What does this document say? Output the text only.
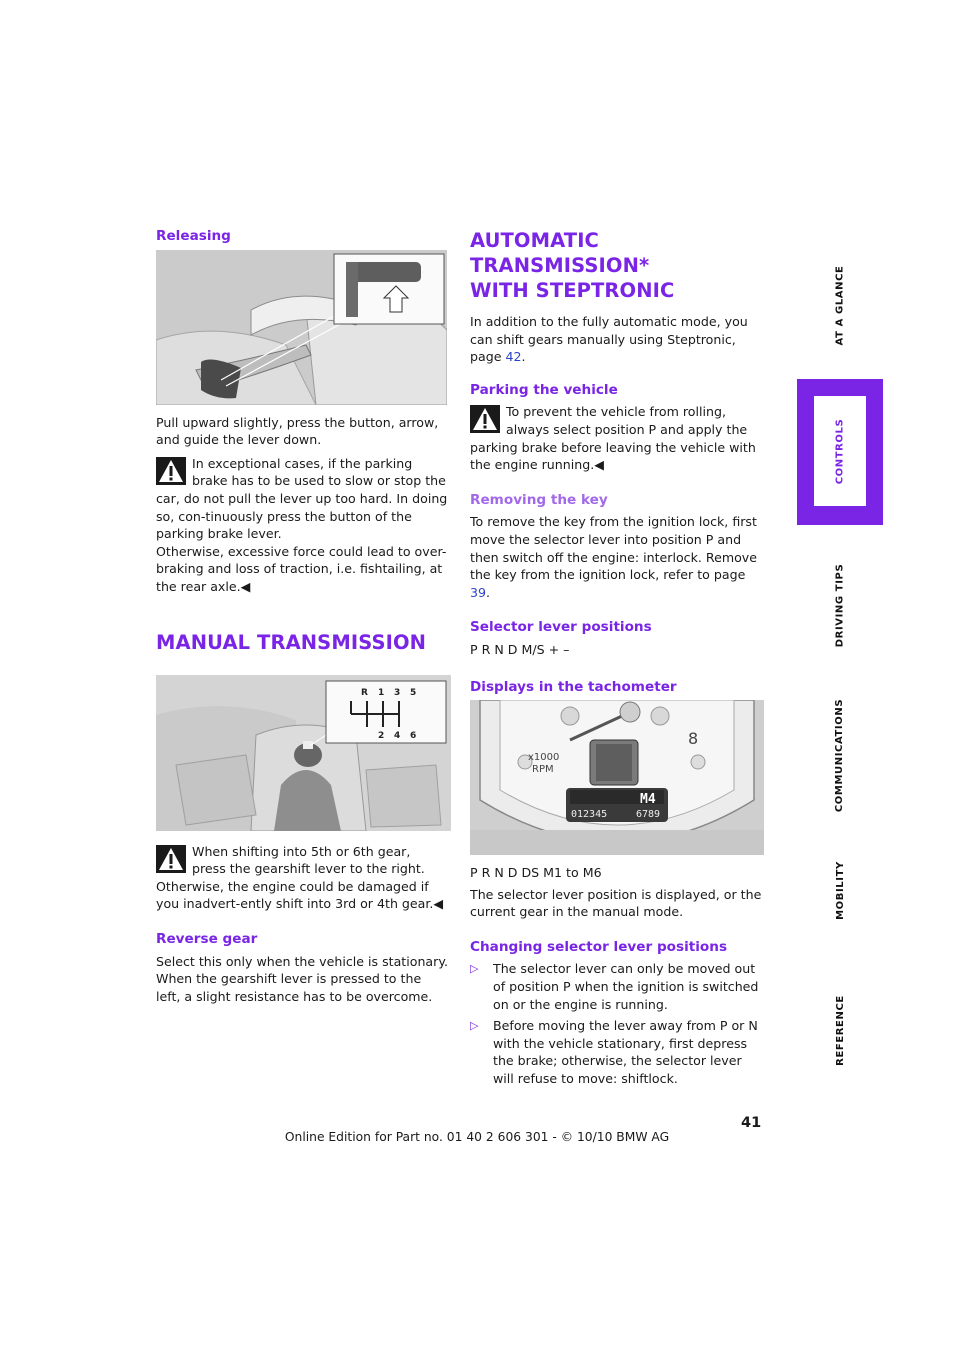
Releasing

Pull upward slightly, press the button, arrow, and guide the lever down.

In exceptional cases, if the parking brake has to be used to slow or stop the car, do not pull the lever up too hard. In doing so, con-tinuously press the button of the parking brake lever.

Otherwise, excessive force could lead to over-braking and loss of traction, i.e. fishtailing, at the rear axle.◀

MANUAL TRANSMISSION
R 1 3 5
2 4 6

When shifting into 5th or 6th gear, press the gearshift lever to the right. Otherwise, the engine could be damaged if you inadvert-ently shift into 3rd or 4th gear.◀

Reverse gear

Select this only when the vehicle is stationary. When the gearshift lever is pressed to the left, a slight resistance has to be overcome.

AUTOMATIC TRANSMISSION*
WITH STEPTRONIC

In addition to the fully automatic mode, you can shift gears manually using Steptronic, page 42.

Parking the vehicle

To prevent the vehicle from rolling, always select position P and apply the parking brake before leaving the vehicle with the engine running.◀

Removing the key

To remove the key from the ignition lock, first move the selector lever into position P and then switch off the engine: interlock. Remove the key from the ignition lock, refer to page 39.

Selector lever positions

P R N D M/S + –

Displays in the tachometer
x1000
RPM
8
M4
012345	6789

P R N D DS M1 to M6

The selector lever position is displayed, or the current gear in the manual mode.

Changing selector lever positions
▷ The selector lever can only be moved out of position P when the ignition is switched on or the engine is running.
▷ Before moving the lever away from P or N with the vehicle stationary, first depress the brake; otherwise, the selector lever will refuse to move: shiftlock.
AT A GLANCE
CONTROLS
DRIVING TIPS
COMMUNICATIONS
MOBILITY
REFERENCE
41
Online Edition for Part no. 01 40 2 606 301 - © 10/10 BMW AG
